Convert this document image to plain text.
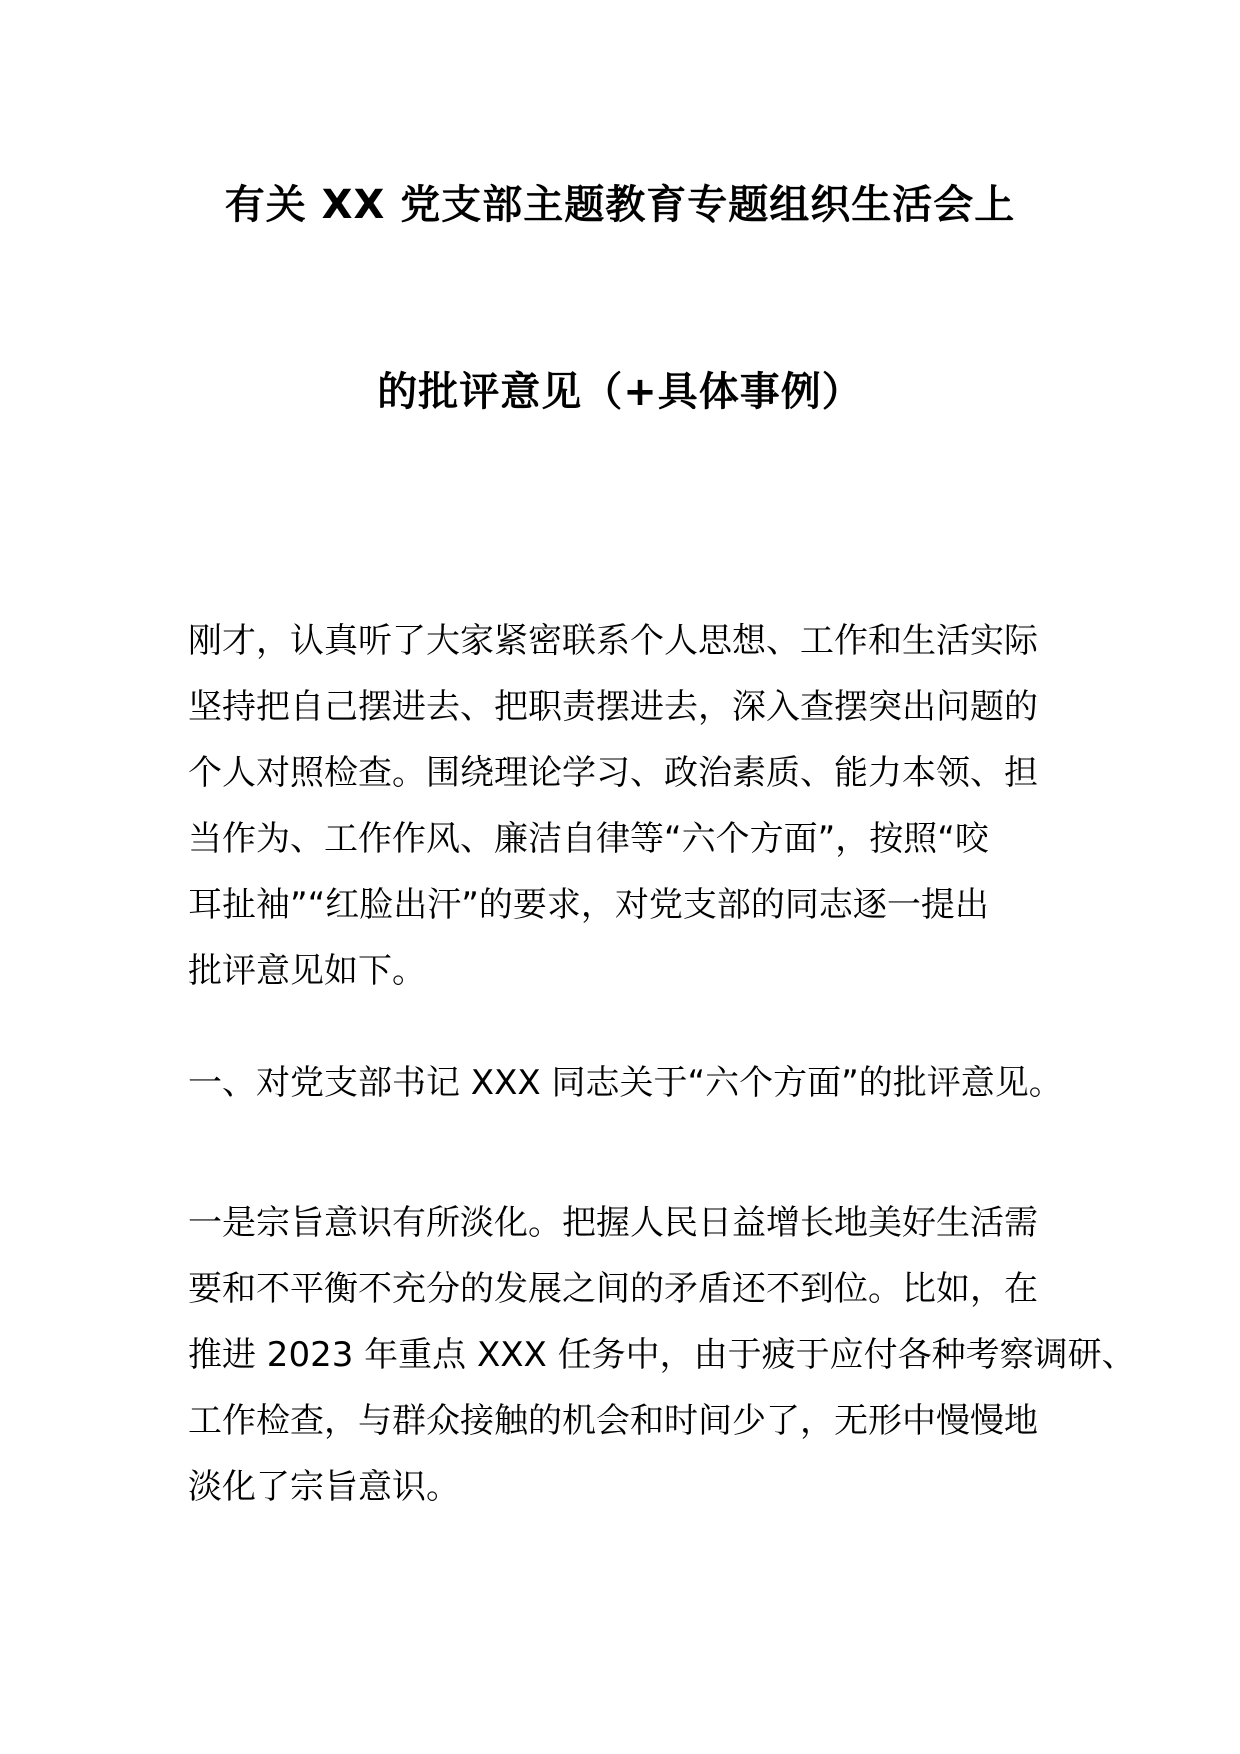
有关 XX 党支部主题教育专题组织生活会上
的批评意见（+具体事例）
刚才，认真听了大家紧密联系个人思想、工作和生活实际
坚持把自己摆进去、把职责摆进去，深入查摆突出问题的
个人对照检查。围绕理论学习、政治素质、能力本领、担
当作为、工作作风、廉洁自律等“六个方面”，按照“咬
耳扯袖”“红脸出汗”的要求，对党支部的同志逐一提出
批评意见如下。
一、对党支部书记 XXX 同志关于“六个方面”的批评意见。
一是宗旨意识有所淡化。把握人民日益增长地美好生活需
要和不平衡不充分的发展之间的矛盾还不到位。比如，在
推进 2023 年重点 XXX 任务中，由于疲于应付各种考察调研、
工作检查，与群众接触的机会和时间少了，无形中慢慢地
淡化了宗旨意识。
